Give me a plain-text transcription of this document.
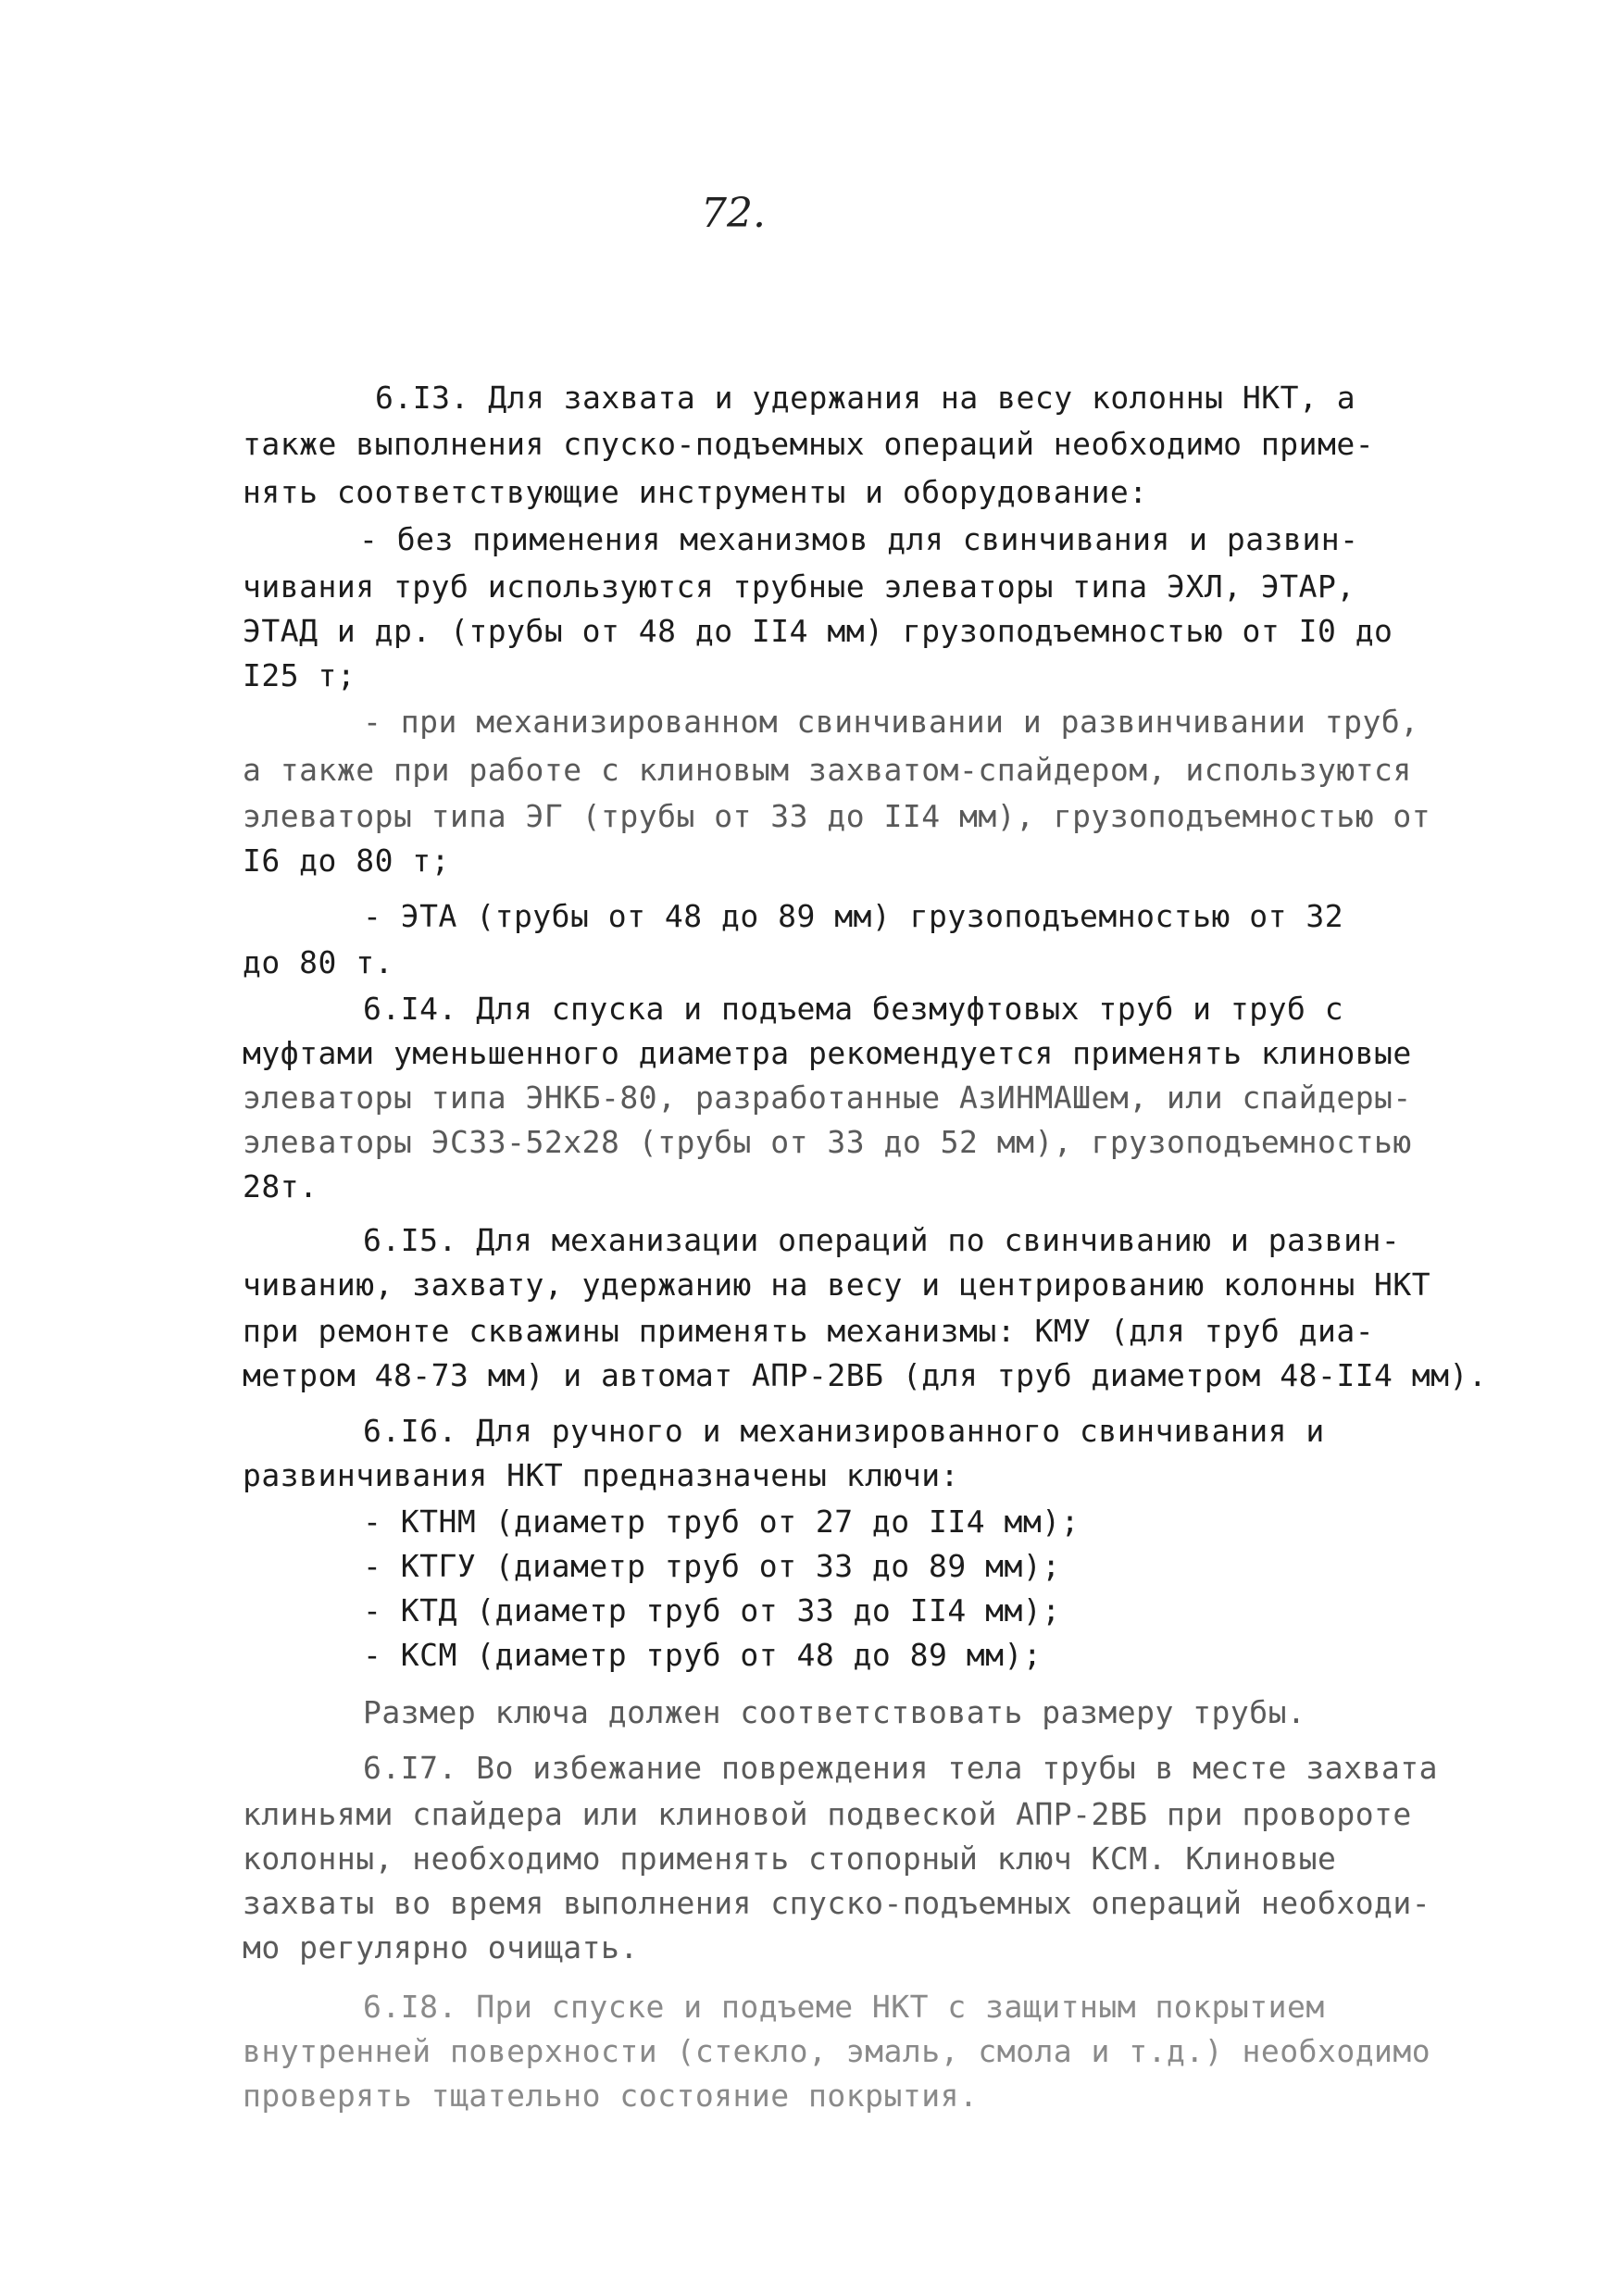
72.
6.I3. Для захвата и удержания на весу колонны НКТ, а
также выполнения спуско-подъемных операций необходимо приме-
нять соответствующие инструменты и оборудование:
- без применения механизмов для свинчивания и развин-
чивания труб используются трубные элеваторы типа ЭХЛ, ЭТАР,
ЭТАД и др. (трубы от 48 до II4 мм) грузоподъемностью от I0 до
I25 т;
- при механизированном свинчивании и развинчивании труб,
а также при работе с клиновым захватом-спайдером, используются
элеваторы типа ЭГ (трубы от 33 до II4 мм), грузоподъемностью от
I6 до 80 т;
- ЭТА (трубы от 48 до 89 мм) грузоподъемностью от 32
до 80 т.
6.I4. Для спуска и подъема безмуфтовых труб и труб с
муфтами уменьшенного диаметра рекомендуется применять клиновые
элеваторы типа ЭНКБ-80, разработанные АзИНМАШем, или спайдеры-
элеваторы ЭСЗЗ-52х28 (трубы от 33 до 52 мм), грузоподъемностью
28т.
6.I5. Для механизации операций по свинчиванию и развин-
чиванию, захвату, удержанию на весу и центрированию колонны НКТ
при ремонте скважины применять механизмы: КМУ (для труб диа-
метром 48-73 мм) и автомат АПР-2ВБ (для труб диаметром 48-II4 мм).
6.I6. Для ручного и механизированного свинчивания и
развинчивания НКТ предназначены ключи:
- КТНМ (диаметр труб от 27 до II4 мм);
- КТГУ (диаметр труб от 33 до 89 мм);
- КТД (диаметр труб от 33 до II4 мм);
- КСМ (диаметр труб от 48 до 89 мм);
Размер ключа должен соответствовать размеру трубы.
6.I7. Во избежание повреждения тела трубы в месте захвата
клиньями спайдера или клиновой подвеской АПР-2ВБ при провороте
колонны, необходимо применять стопорный ключ КСМ. Клиновые
захваты во время выполнения спуско-подъемных операций необходи-
мо регулярно очищать.
6.I8. При спуске и подъеме НКТ с защитным покрытием
внутренней поверхности (стекло, эмаль, смола и т.д.) необходимо
проверять тщательно состояние покрытия.
